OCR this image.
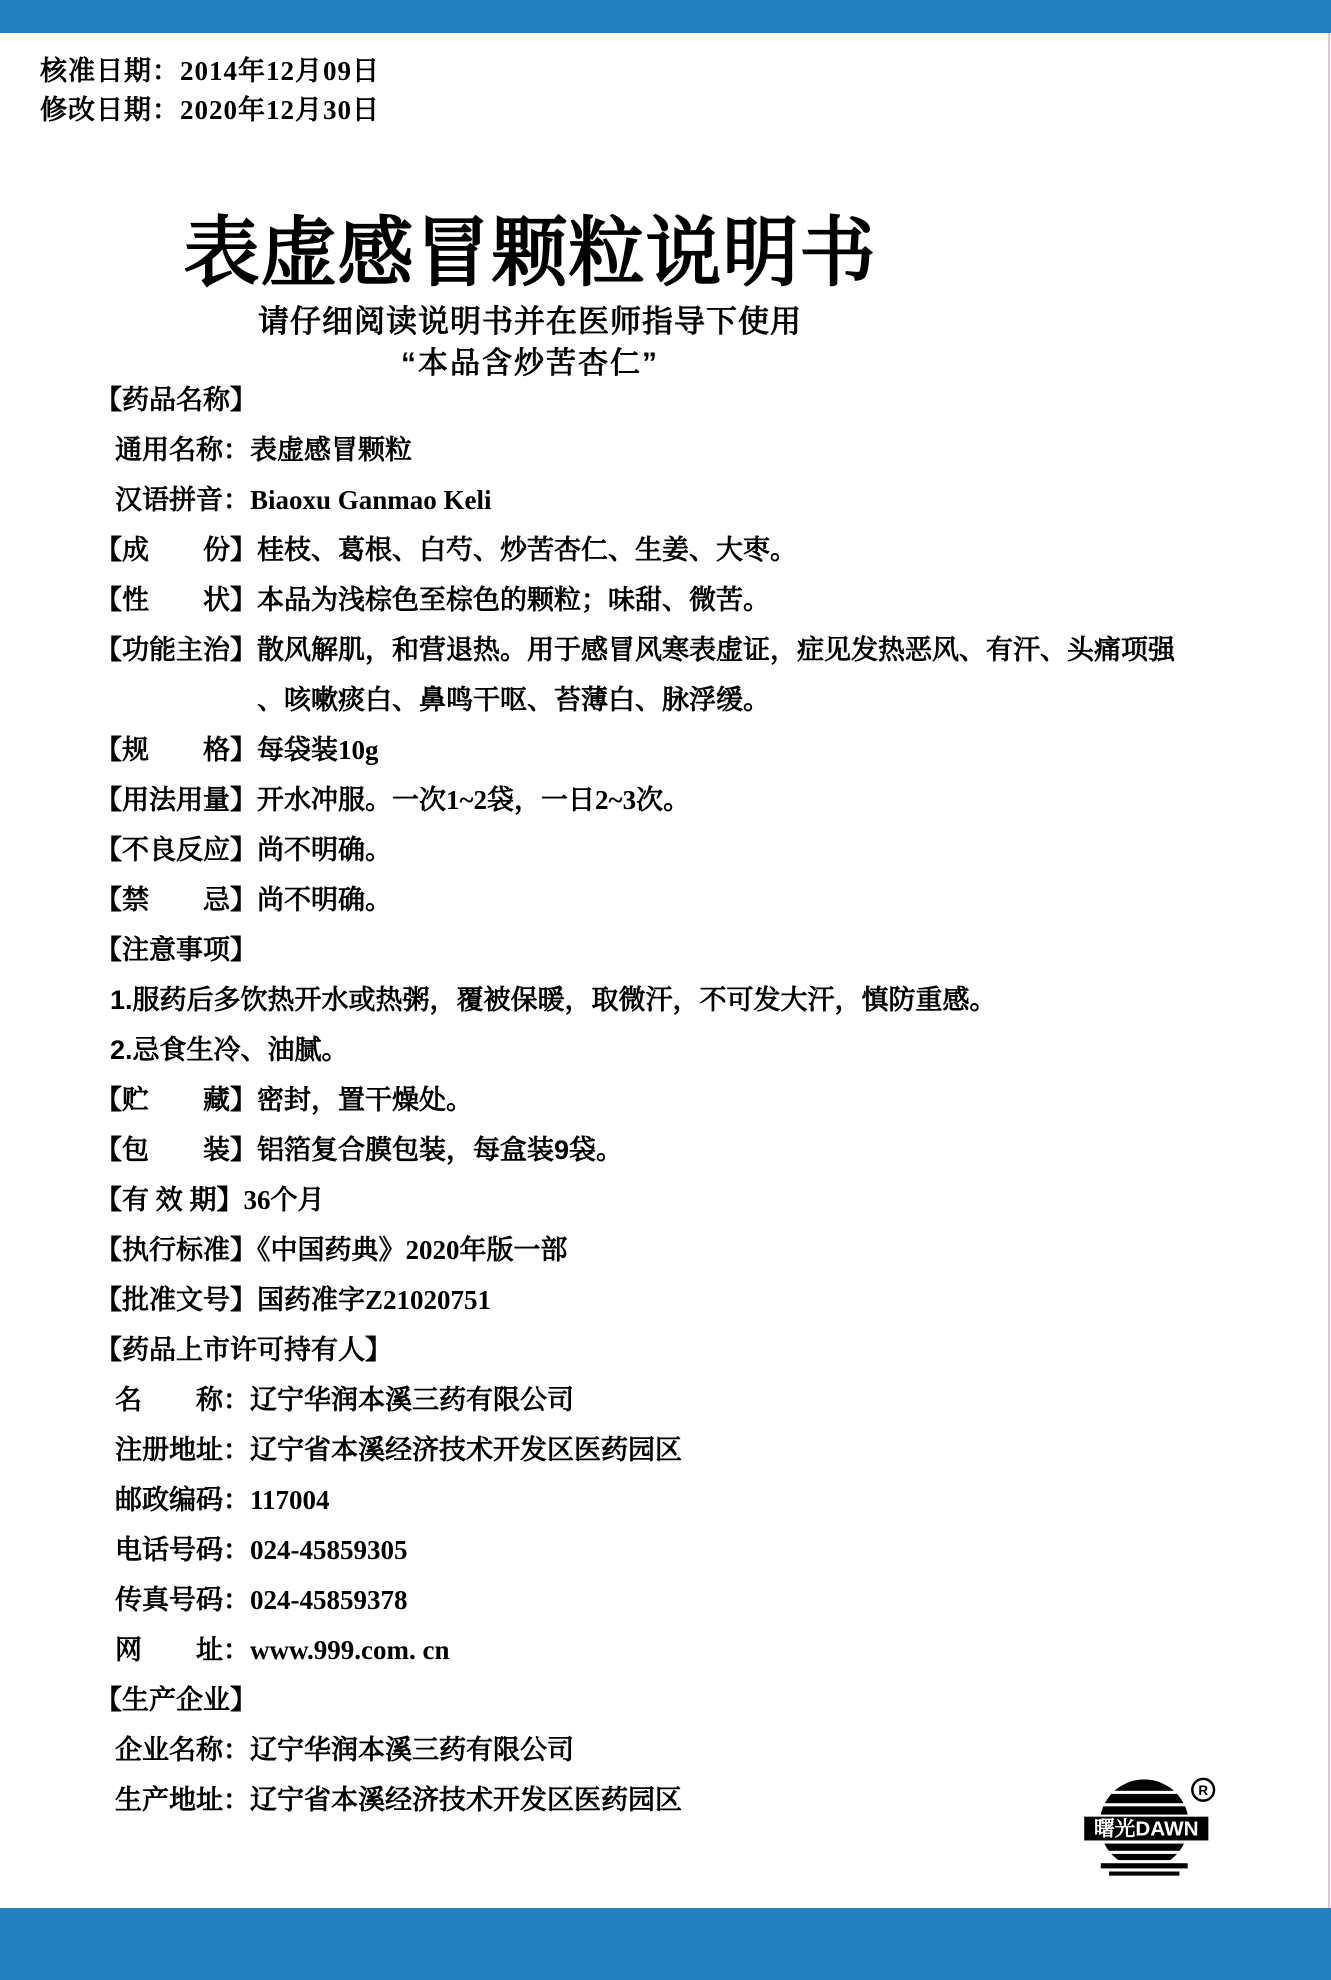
核准日期：2014年12月09日
修改日期：2020年12月30日
表虚感冒颗粒说明书
请仔细阅读说明书并在医师指导下使用
“本品含炒苦杏仁”
【药品名称】
通用名称：表虚感冒颗粒
汉语拼音：Biaoxu Ganmao Keli
【成　　份】桂枝、葛根、白芍、炒苦杏仁、生姜、大枣。
【性　　状】本品为浅棕色至棕色的颗粒；味甜、微苦。
【功能主治】散风解肌，和营退热。用于感冒风寒表虚证，症见发热恶风、有汗、头痛项强、咳嗽痰白、鼻鸣干呕、苔薄白、脉浮缓。
【规　　格】每袋装10g
【用法用量】开水冲服。一次1~2袋，一日2~3次。
【不良反应】尚不明确。
【禁　　忌】尚不明确。
【注意事项】
1.服药后多饮热开水或热粥，覆被保暖，取微汗，不可发大汗，慎防重感。
2.忌食生冷、油腻。
【贮　　藏】密封，置干燥处。
【包　　装】铝箔复合膜包装，每盒装9袋。
【有 效 期】36个月
【执行标准】《中国药典》2020年版一部
【批准文号】国药准字Z21020751
【药品上市许可持有人】
名　　称：辽宁华润本溪三药有限公司
注册地址：辽宁省本溪经济技术开发区医药园区
邮政编码：117004
电话号码：024-45859305
传真号码：024-45859378
网　　址：www.999.com. cn
【生产企业】
企业名称：辽宁华润本溪三药有限公司
生产地址：辽宁省本溪经济技术开发区医药园区
曙光DAWN
R
